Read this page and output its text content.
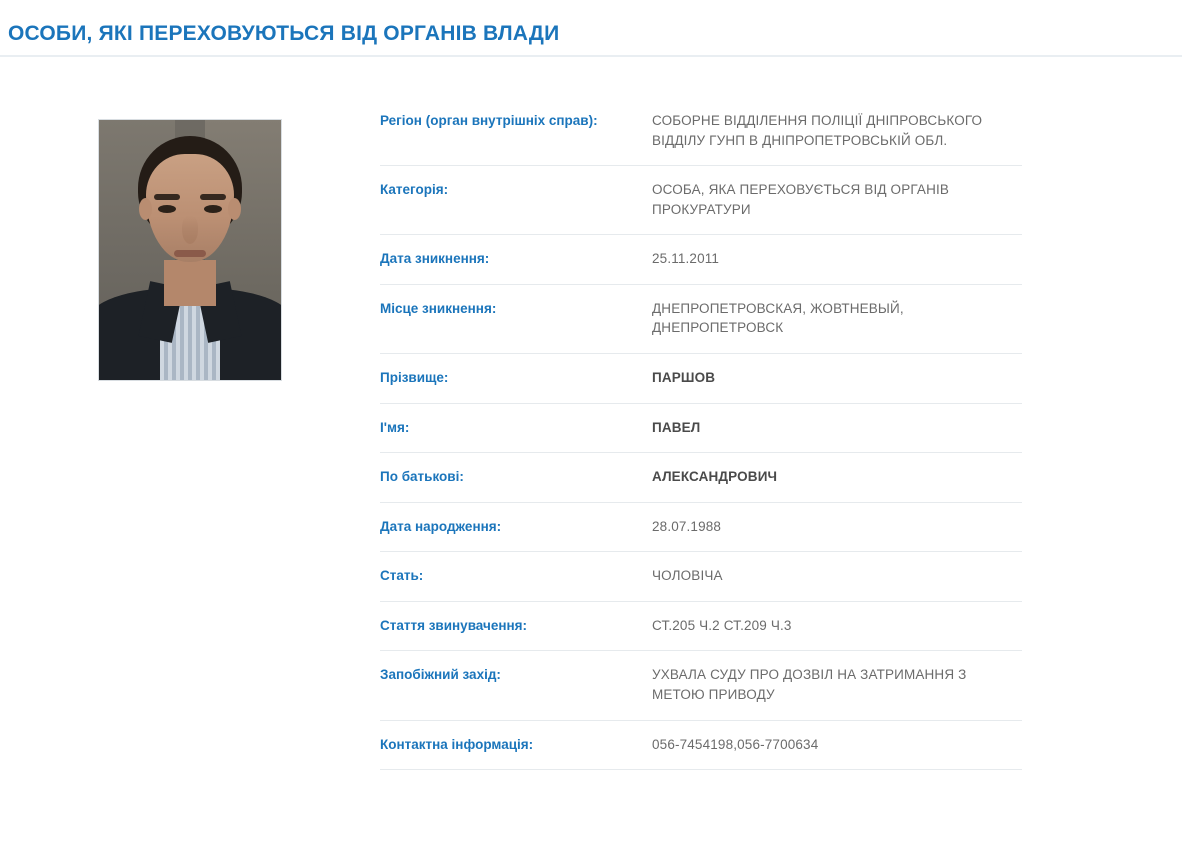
ОСОБИ, ЯКІ ПЕРЕХОВУЮТЬСЯ ВІД ОРГАНІВ ВЛАДИ
Регіон (орган внутрішніх справ):	СОБОРНЕ ВІДДІЛЕННЯ ПОЛІЦІЇ ДНІПРОВСЬКОГО ВІДДІЛУ ГУНП В ДНІПРОПЕТРОВСЬКІЙ ОБЛ.
Категорія:	ОСОБА, ЯКА ПЕРЕХОВУЄТЬСЯ ВІД ОРГАНІВ ПРОКУРАТУРИ
Дата зникнення:	25.11.2011
Місце зникнення:	ДНЕПРОПЕТРОВСКАЯ, ЖОВТНЕВЫЙ, ДНЕПРОПЕТРОВСК
Прізвище:	ПАРШОВ
І'мя:	ПАВЕЛ
По батькові:	АЛЕКСАНДРОВИЧ
Дата народження:	28.07.1988
Стать:	ЧОЛОВІЧА
Стаття звинувачення:	СТ.205 Ч.2 СТ.209 Ч.3
Запобіжний захід:	УХВАЛА СУДУ ПРО ДОЗВІЛ НА ЗАТРИМАННЯ З МЕТОЮ ПРИВОДУ
Контактна інформація:	056-7454198,056-7700634
